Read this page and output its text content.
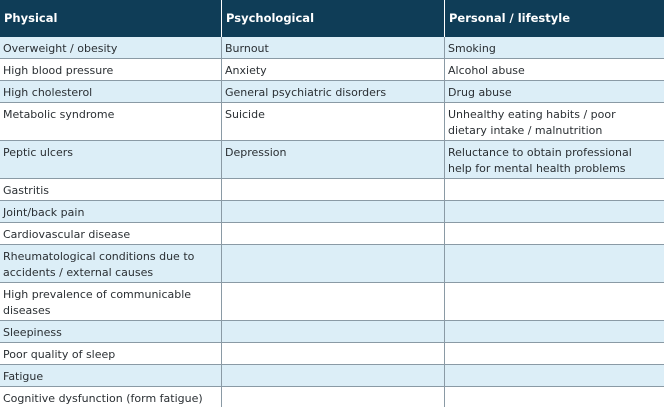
Physical	Psychological	Personal / lifestyle
Overweight / obesity	Burnout	Smoking
High blood pressure	Anxiety	Alcohol abuse
High cholesterol	General psychiatric disorders	Drug abuse
Metabolic syndrome	Suicide	Unhealthy eating habits / poor dietary intake / malnutrition
Peptic ulcers	Depression	Reluctance to obtain professional help for mental health problems
Gastritis
Joint/back pain
Cardiovascular disease
Rheumatological conditions due to accidents / external causes
High prevalence of communicable diseases
Sleepiness
Poor quality of sleep
Fatigue
Cognitive dysfunction (form fatigue)
